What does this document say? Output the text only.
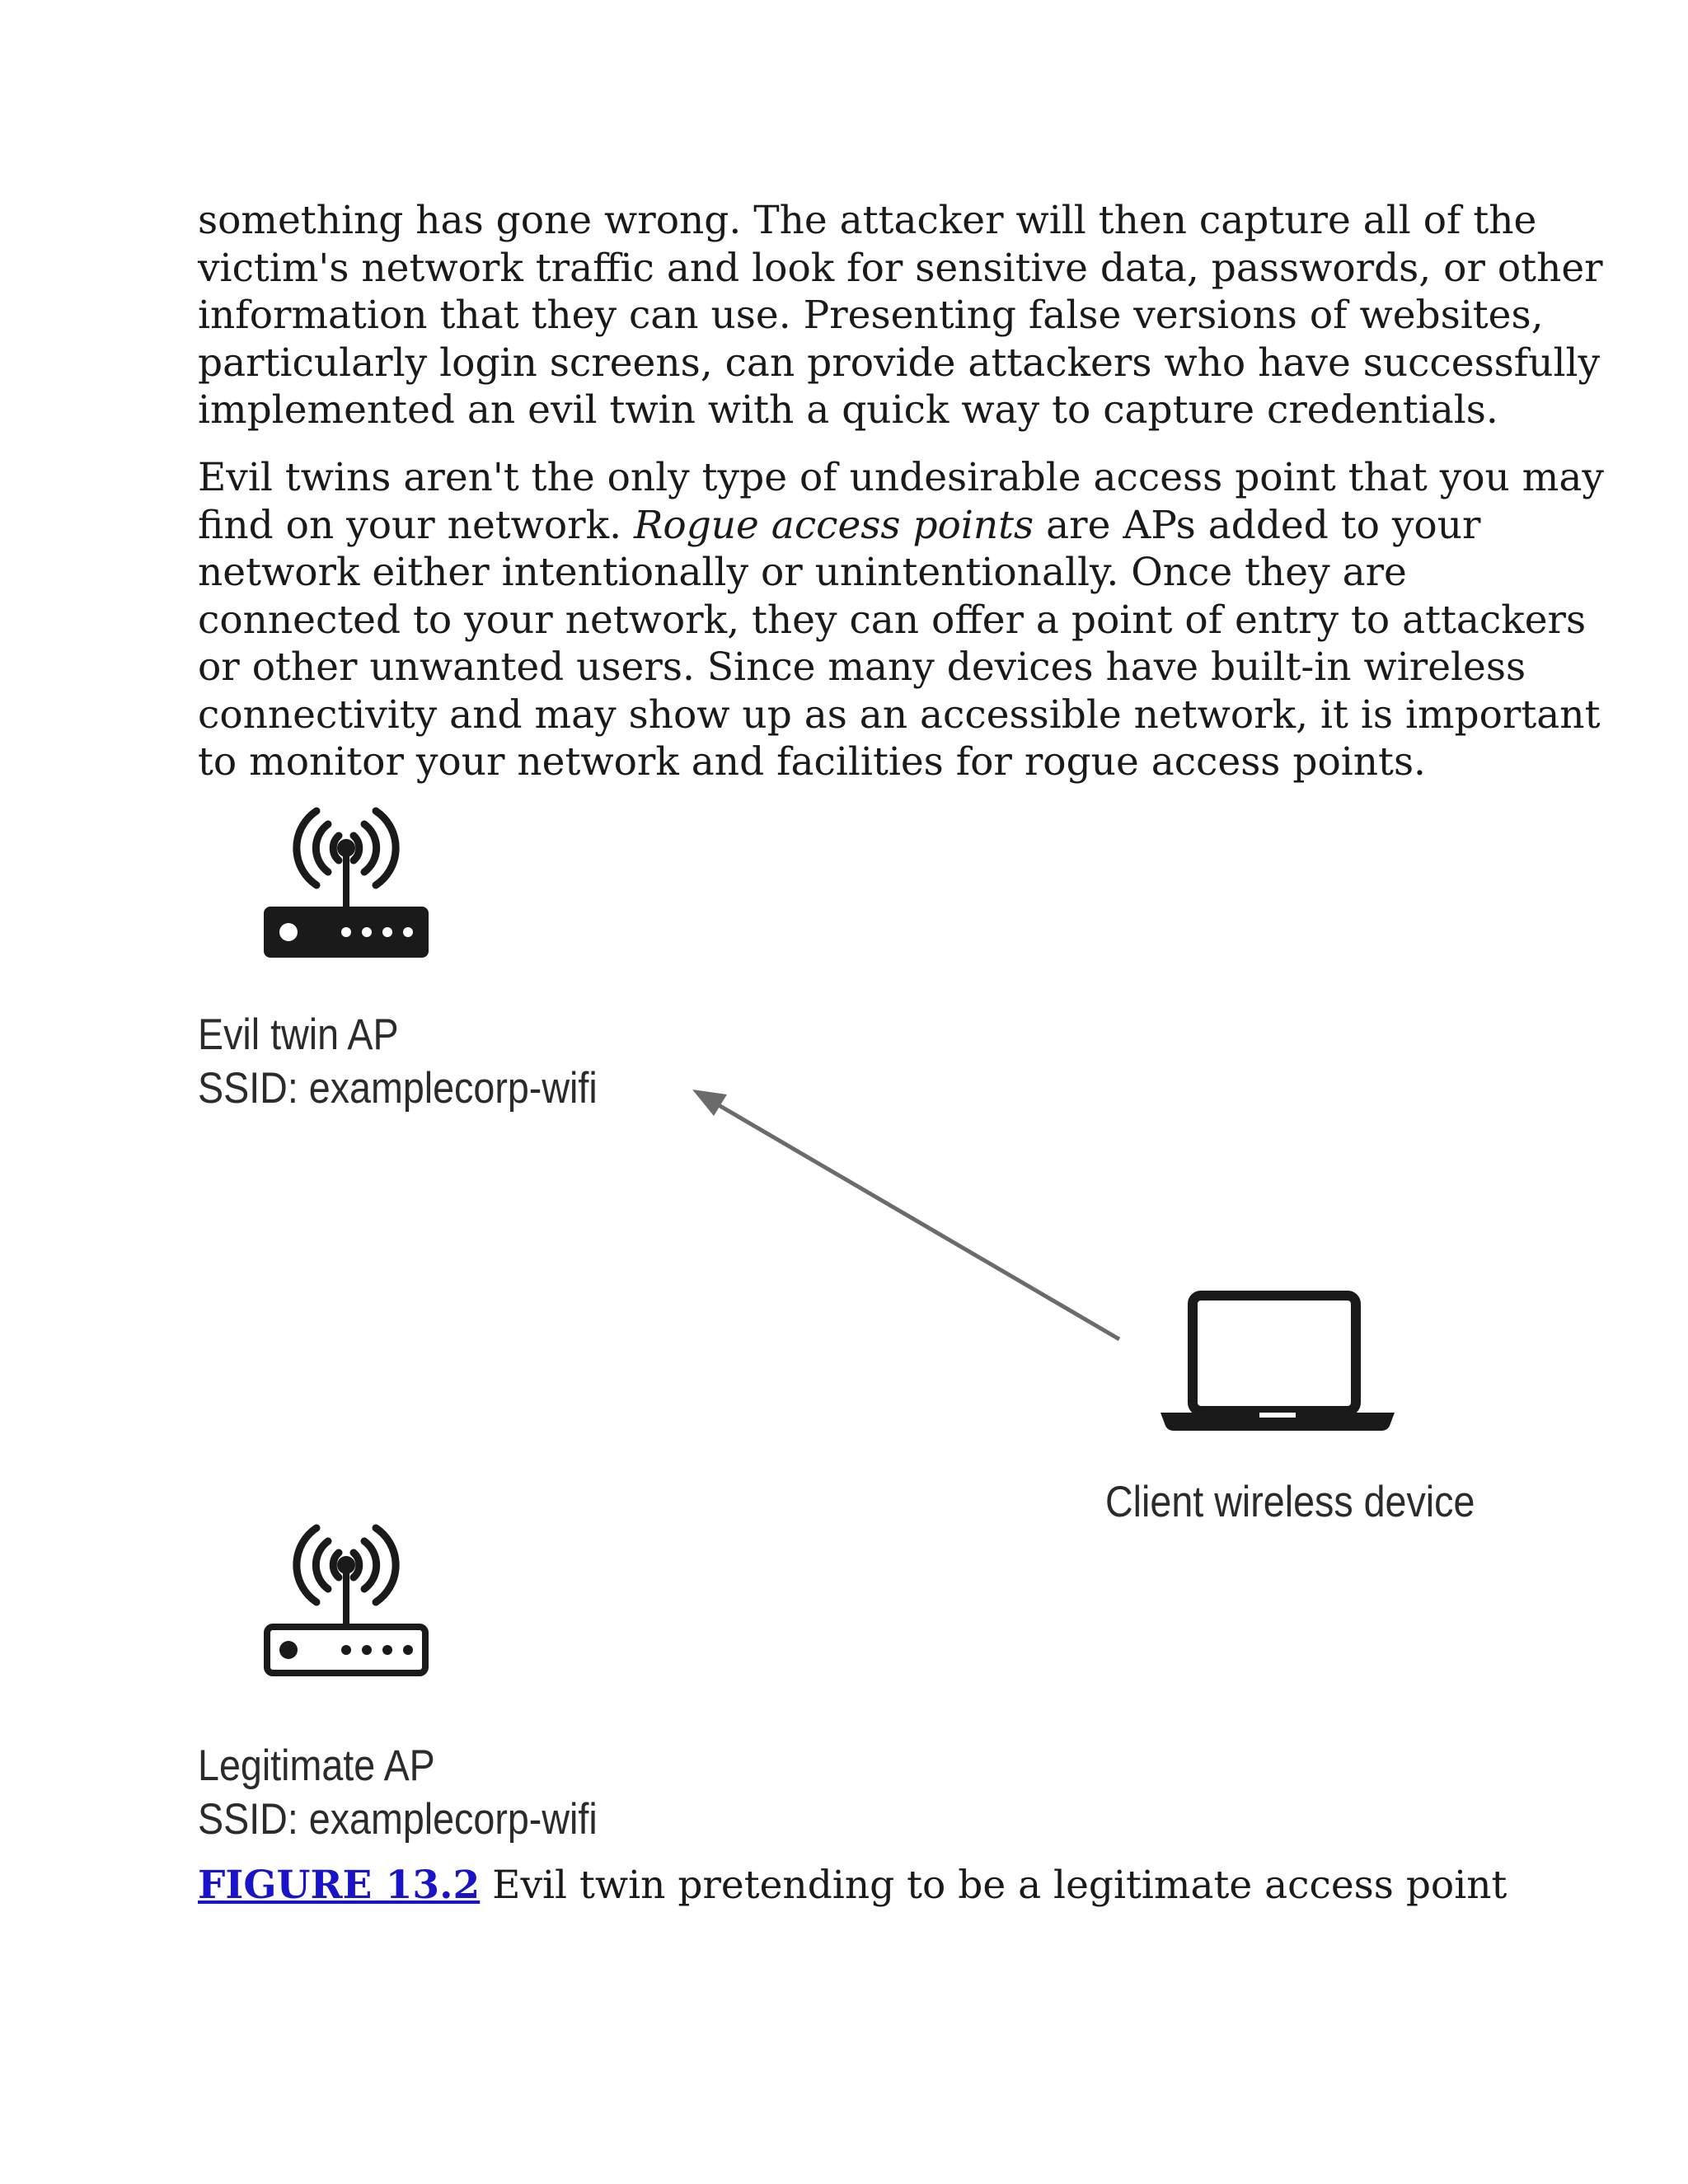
something has gone wrong. The attacker will then capture all of the
victim's network traffic and look for sensitive data, passwords, or other
information that they can use. Presenting false versions of websites,
particularly login screens, can provide attackers who have successfully
implemented an evil twin with a quick way to capture credentials.

Evil twins aren't the only type of undesirable access point that you may
find on your network. Rogue access points are APs added to your
network either intentionally or unintentionally. Once they are
connected to your network, they can offer a point of entry to attackers
or other unwanted users. Since many devices have built-in wireless
connectivity and may show up as an accessible network, it is important
to monitor your network and facilities for rogue access points.

Evil twin AP
SSID: examplecorp-wifi
Client wireless device
Legitimate AP
SSID: examplecorp-wifi
FIGURE 13.2 Evil twin pretending to be a legitimate access point
